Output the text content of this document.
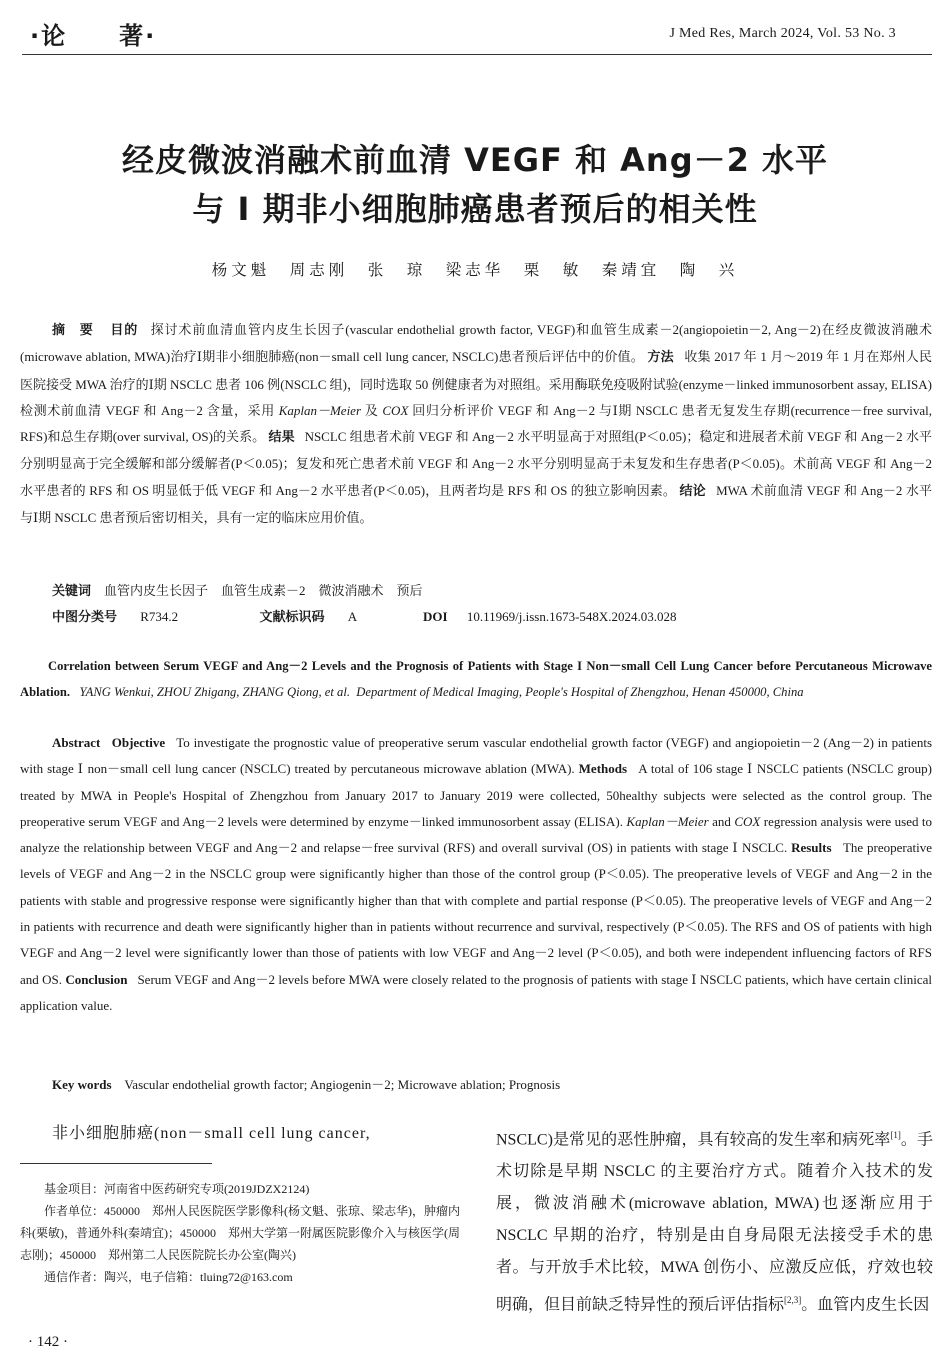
·论　　著·	J Med Res, March 2024, Vol. 53 No. 3
经皮微波消融术前血清 VEGF 和 Ang－2 水平
与 I 期非小细胞肺癌患者预后的相关性
杨文魁　周志刚　张　琼　梁志华　栗　敏　秦靖宜　陶　兴
摘　要 目的 探讨术前血清血管内皮生长因子(vascular endothelial growth factor, VEGF)和血管生成素－2(angiopoietin－2, Ang－2)在经皮微波消融术(microwave ablation, MWA)治疗Ⅰ期非小细胞肺癌(non－small cell lung cancer, NSCLC)患者预后评估中的价值。 方法 收集 2017 年 1 月～2019 年 1 月在郑州人民医院接受 MWA 治疗的Ⅰ期 NSCLC 患者 106 例(NSCLC 组)，同时选取 50 例健康者为对照组。采用酶联免疫吸附试验(enzyme－linked immunosorbent assay, ELISA)检测术前血清 VEGF 和 Ang－2 含量，采用 Kaplan－Meier 及 COX 回归分析评价 VEGF 和 Ang－2 与Ⅰ期 NSCLC 患者无复发生存期(recurrence－free survival, RFS)和总生存期(over survival, OS)的关系。 结果 NSCLC 组患者术前 VEGF 和 Ang－2 水平明显高于对照组(P＜0.05)；稳定和进展者术前 VEGF 和 Ang－2 水平分别明显高于完全缓解和部分缓解者(P＜0.05)；复发和死亡患者术前 VEGF 和 Ang－2 水平分别明显高于未复发和生存患者(P＜0.05)。术前高 VEGF 和 Ang－2 水平患者的 RFS 和 OS 明显低于低 VEGF 和 Ang－2 水平患者(P＜0.05)，且两者均是 RFS 和 OS 的独立影响因素。 结论 MWA 术前血清 VEGF 和 Ang－2 水平与Ⅰ期 NSCLC 患者预后密切相关，具有一定的临床应用价值。
关键词 血管内皮生长因子　血管生成素－2　微波消融术　预后
中图分类号 R734.2	文献标识码 A	DOI 10.11969/j.issn.1673-548X.2024.03.028
Correlation between Serum VEGF and Ang－2 Levels and the Prognosis of Patients with Stage I Non－small Cell Lung Cancer before Percutaneous Microwave Ablation. YANG Wenkui, ZHOU Zhigang, ZHANG Qiong, et al. Department of Medical Imaging, People's Hospital of Zhengzhou, Henan 450000, China
Abstract Objective To investigate the prognostic value of preoperative serum vascular endothelial growth factor (VEGF) and angiopoietin－2 (Ang－2) in patients with stage Ⅰ non－small cell lung cancer (NSCLC) treated by percutaneous microwave ablation (MWA). Methods A total of 106 stage Ⅰ NSCLC patients (NSCLC group) treated by MWA in People's Hospital of Zhengzhou from January 2017 to January 2019 were collected, 50healthy subjects were selected as the control group. The preoperative serum VEGF and Ang－2 levels were determined by enzyme－linked immunosorbent assay (ELISA). Kaplan－Meier and COX regression analysis were used to analyze the relationship between VEGF and Ang－2 and relapse－free survival (RFS) and overall survival (OS) in patients with stage Ⅰ NSCLC. Results The preoperative levels of VEGF and Ang－2 in the NSCLC group were significantly higher than those of the control group (P＜0.05). The preoperative levels of VEGF and Ang－2 in the patients with stable and progressive response were significantly higher than that with complete and partial response (P＜0.05). The preoperative levels of VEGF and Ang－2 in patients with recurrence and death were significantly higher than in patients without recurrence and survival, respectively (P＜0.05). The RFS and OS of patients with high VEGF and Ang－2 level were significantly lower than those of patients with low VEGF and Ang－2 level (P＜0.05), and both were independent influencing factors of RFS and OS. Conclusion Serum VEGF and Ang－2 levels before MWA were closely related to the prognosis of patients with stage Ⅰ NSCLC patients, which have certain clinical application value.
Key words Vascular endothelial growth factor; Angiogenin－2; Microwave ablation; Prognosis
非小细胞肺癌(non－small cell lung cancer,	NSCLC)是常见的恶性肿瘤，具有较高的发生率和病死率[1]。手术切除是早期 NSCLC 的主要治疗方式。随着介入技术的发展，微波消融术(microwave ablation, MWA)也逐渐应用于 NSCLC 早期的治疗，特别是由自身局限无法接受手术的患者。与开放手术比较，MWA 创伤小、应激反应低，疗效也较明确，但目前缺乏特异性的预后评估指标[2,3]。血管内皮生长因

基金项目：河南省中医药研究专项(2019JDZX2124)

作者单位：450000　郑州人民医院医学影像科(杨文魁、张琼、梁志华)，肿瘤内科(栗敏)，普通外科(秦靖宜)；450000　郑州大学第一附属医院影像介入与核医学(周志刚)；450000　郑州第二人民医院院长办公室(陶兴)

通信作者：陶兴，电子信箱：tluing72@163.com

· 142 ·
